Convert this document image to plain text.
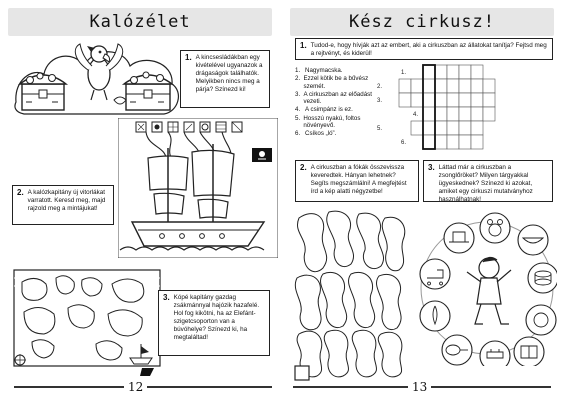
Kalózélet
1. A kincsesládákban egy kivételével ugyanazok a drágaságok találhatók. Melyikben nincs meg a párja? Színezd ki!
2. A kalózkapitány új vitorlákat varratott. Keresd meg, majd rajzold meg a mintájukat!
3. Kópé kapitány gazdag zsákmánnyal hajózik hazafelé. Hol fog kikötni, ha az Elefánt-szigetcsoporton van a búvóhelye? Színezd ki, ha megtaláltad!
12
Kész cirkusz!
1. Tudod-e, hogy hívják azt az embert, aki a cirkuszban az állatokat tanítja? Fejtsd meg a rejtvényt, és kiderül!
1. Nagymacska.
2. Ezzel kötik be a bűvész szemét.
3. A cirkuszban az előadást vezeti.
4. A csimpánz is ez.
5. Hosszú nyakú, foltos növényevő.
6. Csíkos „ló”.
1.
2.
3.
4.
5.
6.
2. A cirkuszban a fókák összevissza keveredtek. Hányan lehetnek? Segíts megszámlálni! A megfejtést írd a kép alatti négyzetbe!
3. Láttad már a cirkuszban a zsonglőröket? Milyen tárgyakkal ügyeskednek? Színezd ki azokat, amiket egy cirkuszi mutatványhoz használhatnak!
13
